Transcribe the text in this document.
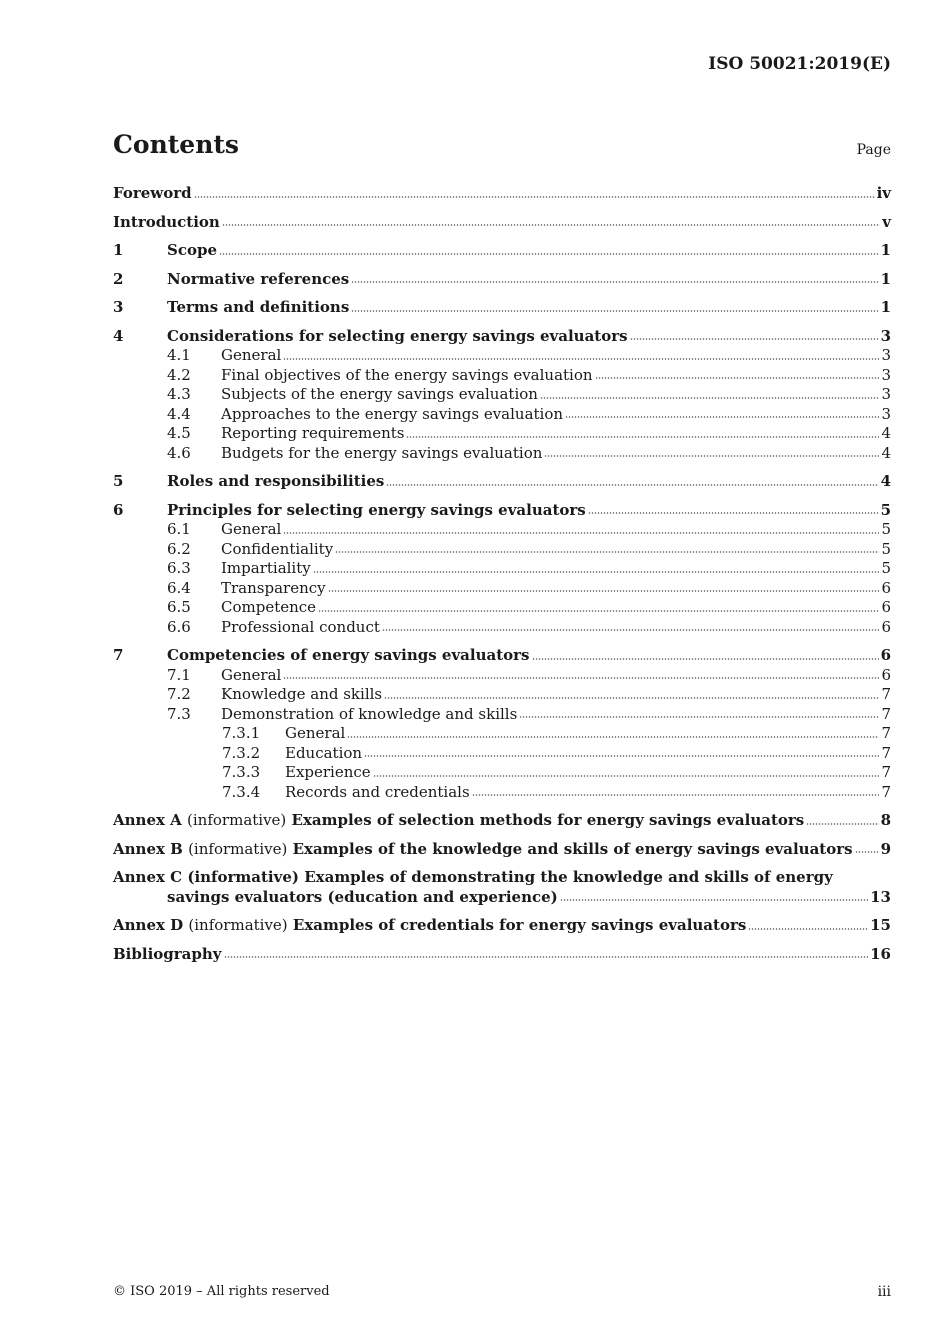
ISO 50021:2019(E)
Contents	Page
Foreword	iv
Introduction	v
1	Scope	1
2	Normative references	1
3	Terms and definitions	1
4	Considerations for selecting energy savings evaluators	3
4.1	General	3
4.2	Final objectives of the energy savings evaluation	3
4.3	Subjects of the energy savings evaluation	3
4.4	Approaches to the energy savings evaluation	3
4.5	Reporting requirements	4
4.6	Budgets for the energy savings evaluation	4
5	Roles and responsibilities	4
6	Principles for selecting energy savings evaluators	5
6.1	General	5
6.2	Confidentiality	5
6.3	Impartiality	5
6.4	Transparency	6
6.5	Competence	6
6.6	Professional conduct	6
7	Competencies of energy savings evaluators	6
7.1	General	6
7.2	Knowledge and skills	7
7.3	Demonstration of knowledge and skills	7
7.3.1	General	7
7.3.2	Education	7
7.3.3	Experience	7
7.3.4	Records and credentials	7
Annex A (informative) Examples of selection methods for energy savings evaluators	8
Annex B (informative) Examples of the knowledge and skills of energy savings evaluators 9
Annex C (informative) Examples of demonstrating the knowledge and skills of energy
savings evaluators (education and experience)	13
Annex D (informative) Examples of credentials for energy savings evaluators	15
Bibliography	16
© ISO 2019 – All rights reserved	iii
